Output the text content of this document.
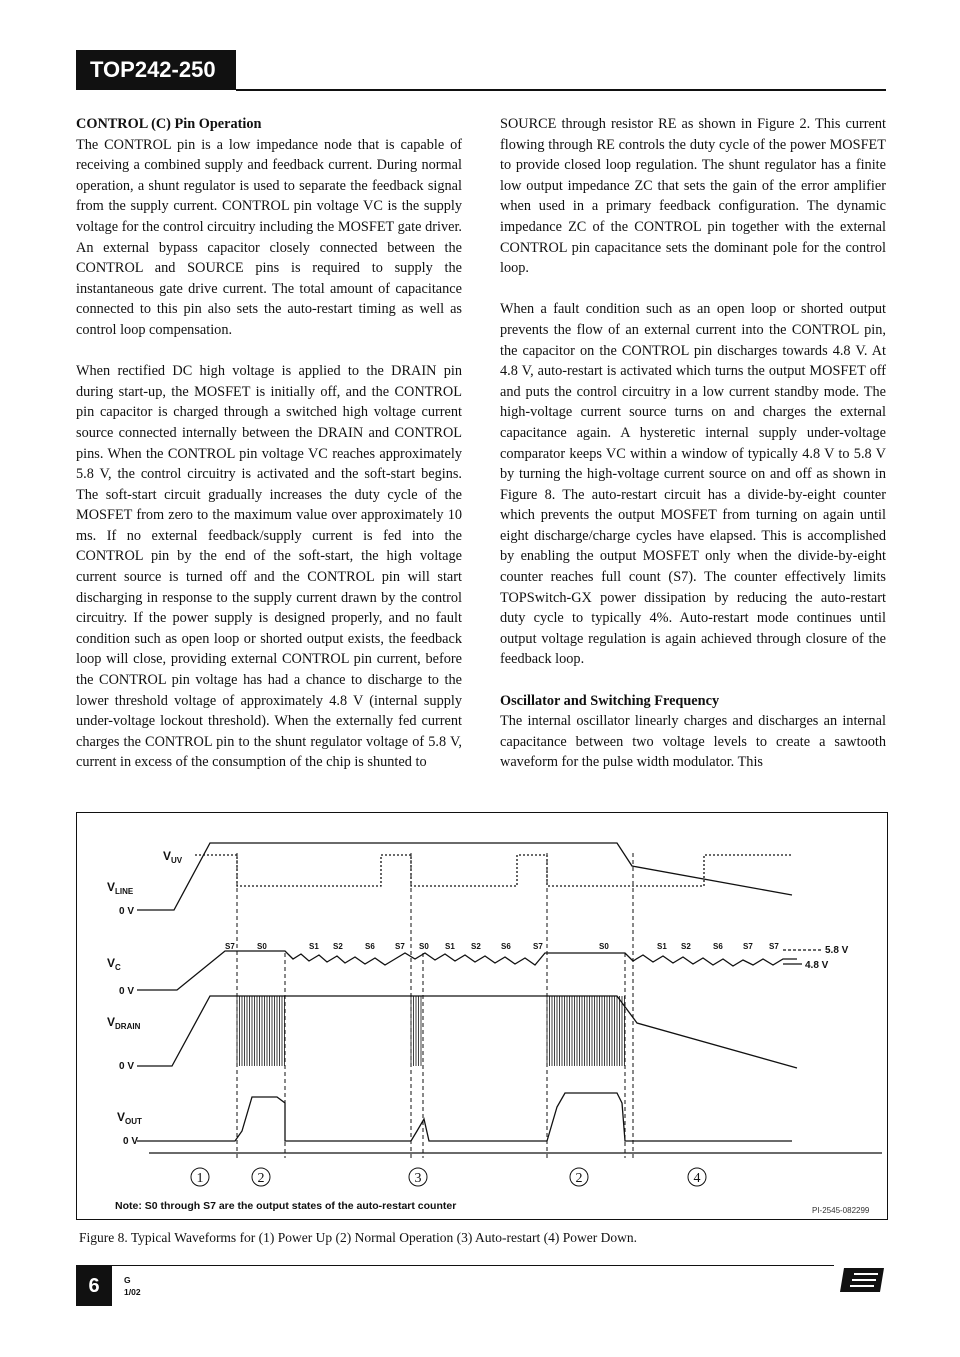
TOP242-250
CONTROL (C) Pin Operation

The CONTROL pin is a low impedance node that is capable of receiving a combined supply and feedback current. During normal operation, a shunt regulator is used to separate the feedback signal from the supply current. CONTROL pin voltage VC is the supply voltage for the control circuitry including the MOSFET gate driver. An external bypass capacitor closely connected between the CONTROL and SOURCE pins is required to supply the instantaneous gate drive current. The total amount of capacitance connected to this pin also sets the auto-restart timing as well as control loop compensation.

When rectified DC high voltage is applied to the DRAIN pin during start-up, the MOSFET is initially off, and the CONTROL pin capacitor is charged through a switched high voltage current source connected internally between the DRAIN and CONTROL pins. When the CONTROL pin voltage VC reaches approximately 5.8 V, the control circuitry is activated and the soft-start begins. The soft-start circuit gradually increases the duty cycle of the MOSFET from zero to the maximum value over approximately 10 ms. If no external feedback/supply current is fed into the CONTROL pin by the end of the soft-start, the high voltage current source is turned off and the CONTROL pin will start discharging in response to the supply current drawn by the control circuitry. If the power supply is designed properly, and no fault condition such as open loop or shorted output exists, the feedback loop will close, providing external CONTROL pin current, before the CONTROL pin voltage has had a chance to discharge to the lower threshold voltage of approximately 4.8 V (internal supply under-voltage lockout threshold). When the externally fed current charges the CONTROL pin to the shunt regulator voltage of 5.8 V, current in excess of the consumption of the chip is shunted to

SOURCE through resistor RE as shown in Figure 2. This current flowing through RE controls the duty cycle of the power MOSFET to provide closed loop regulation. The shunt regulator has a finite low output impedance ZC that sets the gain of the error amplifier when used in a primary feedback configuration. The dynamic impedance ZC of the CONTROL pin together with the external CONTROL pin capacitance sets the dominant pole for the control loop.

When a fault condition such as an open loop or shorted output prevents the flow of an external current into the CONTROL pin, the capacitor on the CONTROL pin discharges towards 4.8 V. At 4.8 V, auto-restart is activated which turns the output MOSFET off and puts the control circuitry in a low current standby mode. The high-voltage current source turns on and charges the external capacitance again. A hysteretic internal supply under-voltage comparator keeps VC within a window of typically 4.8 V to 5.8 V by turning the high-voltage current source on and off as shown in Figure 8. The auto-restart circuit has a divide-by-eight counter which prevents the output MOSFET from turning on again until eight discharge/charge cycles have elapsed. This is accomplished by enabling the output MOSFET only when the divide-by-eight counter reaches full count (S7). The counter effectively limits TOPSwitch-GX power dissipation by reducing the auto-restart duty cycle to typically 4%. Auto-restart mode continues until output voltage regulation is again achieved through closure of the feedback loop.

Oscillator and Switching Frequency

The internal oscillator linearly charges and discharges an internal capacitance between two voltage levels to create a sawtooth waveform for the pulse width modulator. This

$V_{UV}$
$V_{LINE}$
0 V
$V_C$
0 V
$V_{DRAIN}$
0 V
$V_{OUT}$
0 V
5.8 V
4.8 V
S7	S0	S1 S2	S6	S7 S0 S1 S2	S6	S7	S0	S1 S2	S6	S7 S7
1	2	3	2	4
Note: S0 through S7 are the output states of the auto-restart counter	PI-2545-082299
Figure 8. Typical Waveforms for (1) Power Up (2) Normal Operation (3) Auto-restart (4) Power Down.
6	G
1/02
